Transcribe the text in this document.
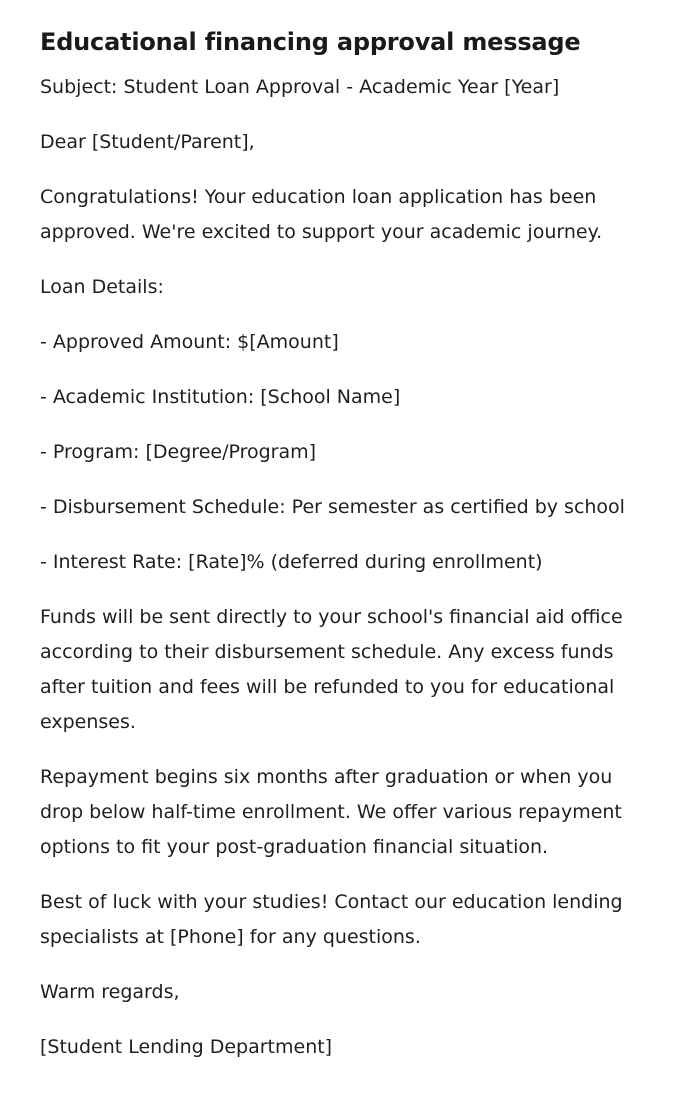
Educational financing approval message

Subject: Student Loan Approval - Academic Year [Year]

Dear [Student/Parent],

Congratulations! Your education loan application has been approved. We're excited to support your academic journey.

Loan Details:

- Approved Amount: $[Amount]

- Academic Institution: [School Name]

- Program: [Degree/Program]

- Disbursement Schedule: Per semester as certified by school

- Interest Rate: [Rate]% (deferred during enrollment)

Funds will be sent directly to your school's financial aid office according to their disbursement schedule. Any excess funds after tuition and fees will be refunded to you for educational expenses.

Repayment begins six months after graduation or when you drop below half-time enrollment. We offer various repayment options to fit your post-graduation financial situation.

Best of luck with your studies! Contact our education lending specialists at [Phone] for any questions.

Warm regards,

[Student Lending Department]
